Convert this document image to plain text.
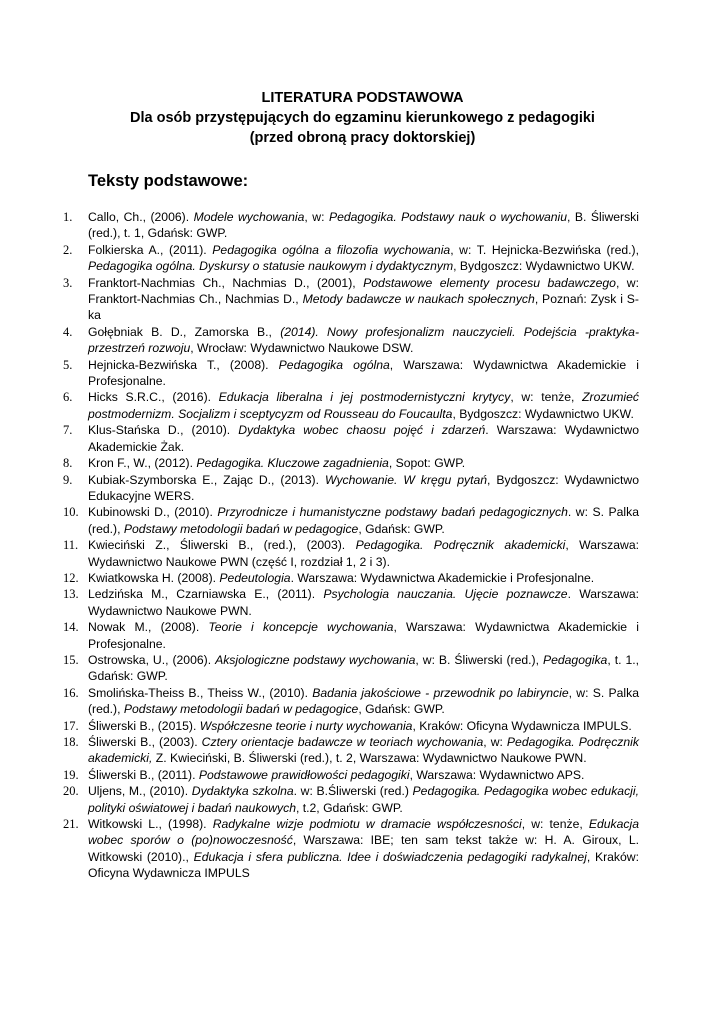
LITERATURA PODSTAWOWA
Dla osób przystępujących do egzaminu kierunkowego z pedagogiki
(przed obroną pracy doktorskiej)
Teksty podstawowe:
1. Callo, Ch., (2006). Modele wychowania, w: Pedagogika. Podstawy nauk o wychowaniu, B. Śliwerski (red.), t. 1, Gdańsk: GWP.
2. Folkierska A., (2011). Pedagogika ogólna a filozofia wychowania, w: T. Hejnicka-Bezwińska (red.), Pedagogika ogólna. Dyskursy o statusie naukowym i dydaktycznym, Bydgoszcz: Wydawnictwo UKW.
3. Franktort-Nachmias Ch., Nachmias D., (2001), Podstawowe elementy procesu badawczego, w: Franktort-Nachmias Ch., Nachmias D., Metody badawcze w naukach społecznych, Poznań: Zysk i S-ka
4. Gołębniak B. D., Zamorska B., (2014). Nowy profesjonalizm nauczycieli. Podejścia -praktyka-przestrzeń rozwoju, Wrocław: Wydawnictwo Naukowe DSW.
5. Hejnicka-Bezwińska T., (2008). Pedagogika ogólna, Warszawa: Wydawnictwa Akademickie i Profesjonalne.
6. Hicks S.R.C., (2016). Edukacja liberalna i jej postmodernistyczni krytycy, w: tenże, Zrozumieć postmodernizm. Socjalizm i sceptycyzm od Rousseau do Foucaulta, Bydgoszcz: Wydawnictwo UKW.
7. Klus-Stańska D., (2010). Dydaktyka wobec chaosu pojęć i zdarzeń. Warszawa: Wydawnictwo Akademickie Żak.
8. Kron F., W., (2012). Pedagogika. Kluczowe zagadnienia, Sopot: GWP.
9. Kubiak-Szymborska E., Zając D., (2013). Wychowanie. W kręgu pytań, Bydgoszcz: Wydawnictwo Edukacyjne WERS.
10. Kubinowski D., (2010). Przyrodnicze i humanistyczne podstawy badań pedagogicznych. w: S. Palka (red.), Podstawy metodologii badań w pedagogice, Gdańsk: GWP.
11. Kwieciński Z., Śliwerski B., (red.), (2003). Pedagogika. Podręcznik akademicki, Warszawa: Wydawnictwo Naukowe PWN (część I, rozdział 1, 2 i 3).
12. Kwiatkowska H. (2008). Pedeutologia. Warszawa: Wydawnictwa Akademickie i Profesjonalne.
13. Ledzińska M., Czarniawska E., (2011). Psychologia nauczania. Ujęcie poznawcze. Warszawa: Wydawnictwo Naukowe PWN.
14. Nowak M., (2008). Teorie i koncepcje wychowania, Warszawa: Wydawnictwa Akademickie i Profesjonalne.
15. Ostrowska, U., (2006). Aksjologiczne podstawy wychowania, w: B. Śliwerski (red.), Pedagogika, t. 1., Gdańsk: GWP.
16. Smolińska-Theiss B., Theiss W., (2010). Badania jakościowe - przewodnik po labiryncie, w: S. Palka (red.), Podstawy metodologii badań w pedagogice, Gdańsk: GWP.
17. Śliwerski B., (2015). Współczesne teorie i nurty wychowania, Kraków: Oficyna Wydawnicza IMPULS.
18. Śliwerski B., (2003). Cztery orientacje badawcze w teoriach wychowania, w: Pedagogika. Podręcznik akademicki, Z. Kwieciński, B. Śliwerski (red.), t. 2, Warszawa: Wydawnictwo Naukowe PWN.
19. Śliwerski B., (2011). Podstawowe prawidłowości pedagogiki, Warszawa: Wydawnictwo APS.
20. Uljens, M., (2010). Dydaktyka szkolna. w: B.Śliwerski (red.) Pedagogika. Pedagogika wobec edukacji, polityki oświatowej i badań naukowych, t.2, Gdańsk: GWP.
21. Witkowski L., (1998). Radykalne wizje podmiotu w dramacie współczesności, w: tenże, Edukacja wobec sporów o (po)nowoczesność, Warszawa: IBE; ten sam tekst także w: H. A. Giroux, L. Witkowski (2010)., Edukacja i sfera publiczna. Idee i doświadczenia pedagogiki radykalnej, Kraków: Oficyna Wydawnicza IMPULS
